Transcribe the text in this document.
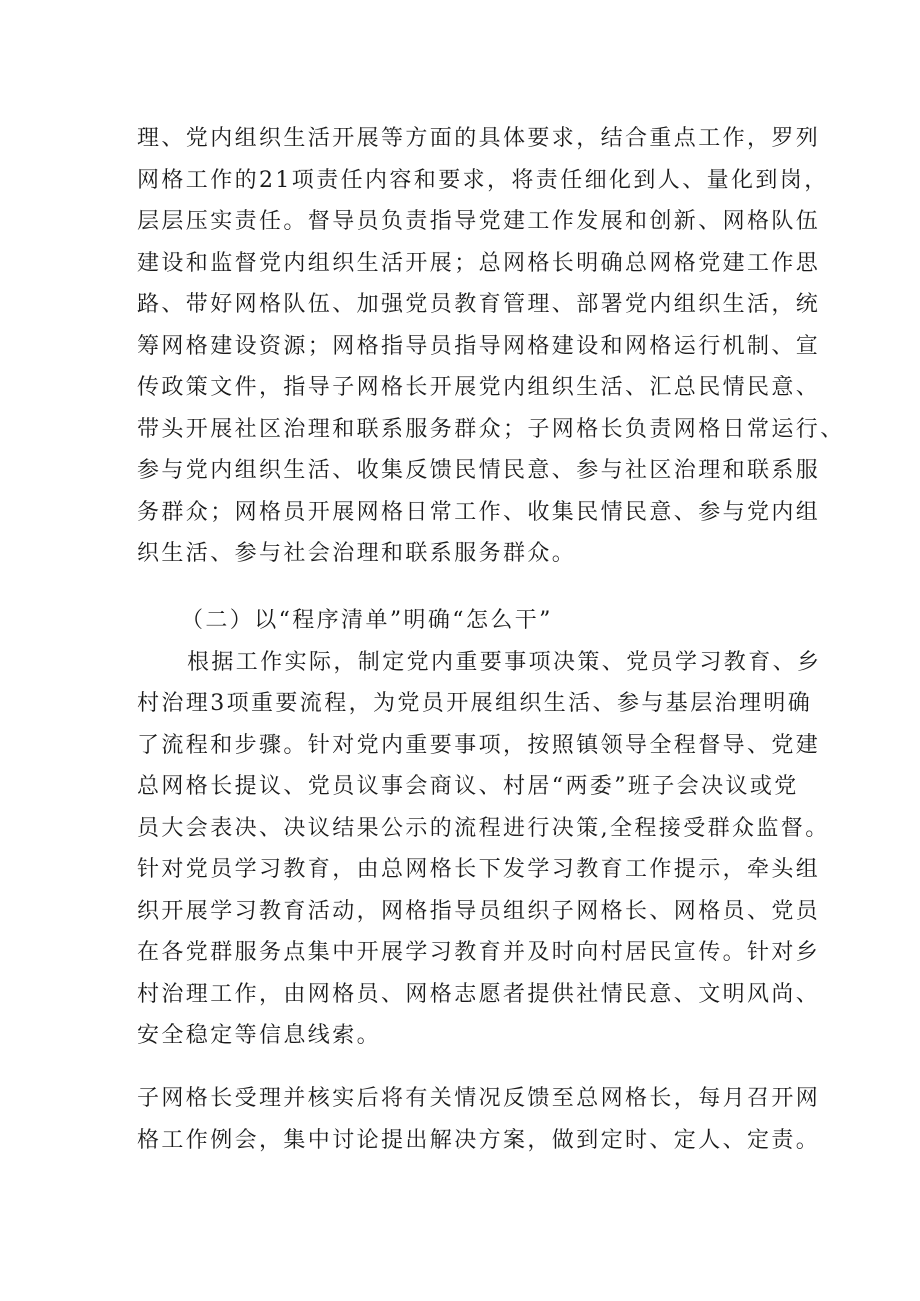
理、党内组织生活开展等方面的具体要求，结合重点工作，罗列
网格工作的21项责任内容和要求，将责任细化到人、量化到岗，
层层压实责任。督导员负责指导党建工作发展和创新、网格队伍
建设和监督党内组织生活开展；总网格长明确总网格党建工作思
路、带好网格队伍、加强党员教育管理、部署党内组织生活，统
筹网格建设资源；网格指导员指导网格建设和网格运行机制、宣
传政策文件，指导子网格长开展党内组织生活、汇总民情民意、
带头开展社区治理和联系服务群众；子网格长负责网格日常运行、
参与党内组织生活、收集反馈民情民意、参与社区治理和联系服
务群众；网格员开展网格日常工作、收集民情民意、参与党内组
织生活、参与社会治理和联系服务群众。
（二）以“程序清单”明确“怎么干”
根据工作实际，制定党内重要事项决策、党员学习教育、乡
村治理3项重要流程，为党员开展组织生活、参与基层治理明确
了流程和步骤。针对党内重要事项，按照镇领导全程督导、党建
总网格长提议、党员议事会商议、村居“两委”班子会决议或党
员大会表决、决议结果公示的流程进行决策,全程接受群众监督。
针对党员学习教育，由总网格长下发学习教育工作提示，牵头组
织开展学习教育活动，网格指导员组织子网格长、网格员、党员
在各党群服务点集中开展学习教育并及时向村居民宣传。针对乡
村治理工作，由网格员、网格志愿者提供社情民意、文明风尚、
安全稳定等信息线索。
子网格长受理并核实后将有关情况反馈至总网格长，每月召开网
格工作例会，集中讨论提出解决方案，做到定时、定人、定责。
